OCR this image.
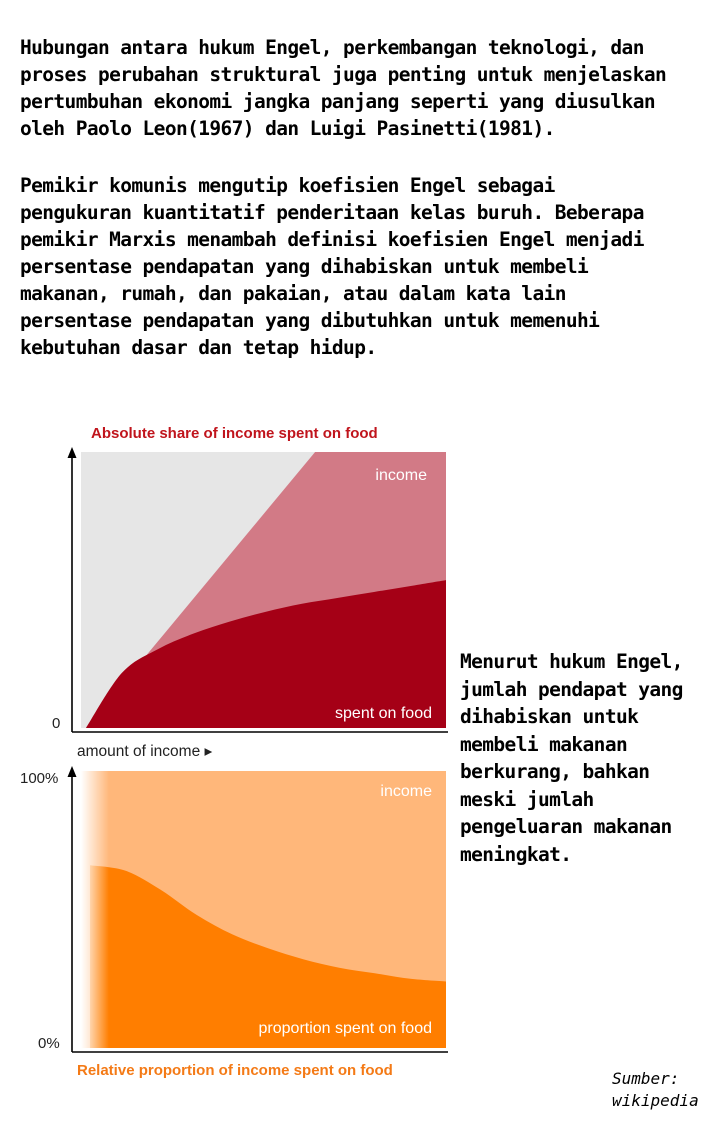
Hubungan antara hukum Engel, perkembangan teknologi, dan
proses perubahan struktural juga penting untuk menjelaskan
pertumbuhan ekonomi jangka panjang seperti yang diusulkan
oleh Paolo Leon(1967) dan Luigi Pasinetti(1981).

Pemikir komunis mengutip koefisien Engel sebagai
pengukuran kuantitatif penderitaan kelas buruh. Beberapa
pemikir Marxis menambah definisi koefisien Engel menjadi
persentase pendapatan yang dihabiskan untuk membeli
makanan, rumah, dan pakaian, atau dalam kata lain
persentase pendapatan yang dibutuhkan untuk memenuhi
kebutuhan dasar dan tetap hidup.

Menurut hukum Engel,
jumlah pendapat yang
dihabiskan untuk
membeli makanan
berkurang, bahkan
meski jumlah
pengeluaran makanan
meningkat.

Sumber:
wikipedia

Absolute share of income spent on food
income
spent on food
0
amount of income ▸
income
proportion spent on food
100%
0%
Relative proportion of income spent on food
